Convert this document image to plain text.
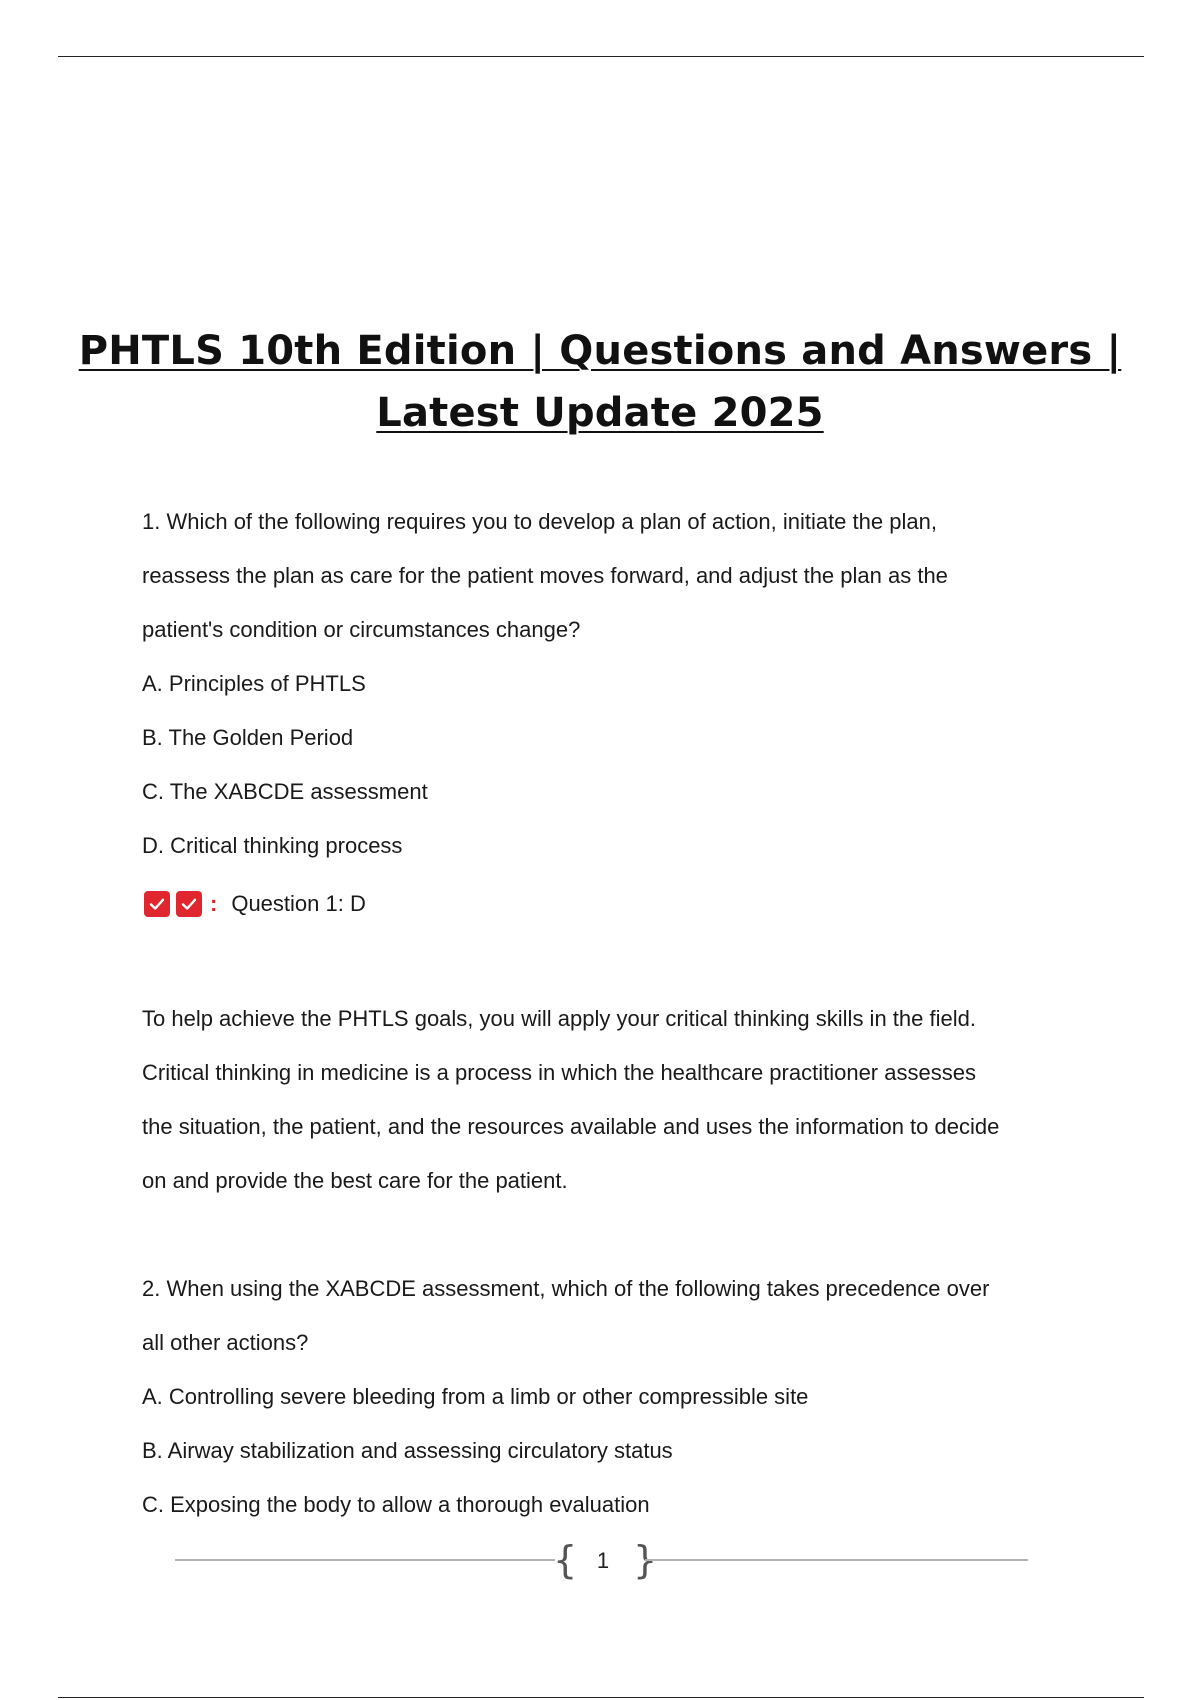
PHTLS 10th Edition | Questions and Answers |
Latest Update 2025
1. Which of the following requires you to develop a plan of action, initiate the plan,
reassess the plan as care for the patient moves forward, and adjust the plan as the
patient's condition or circumstances change?
A. Principles of PHTLS
B. The Golden Period
C. The XABCDE assessment
D. Critical thinking process
: Question 1: D
To help achieve the PHTLS goals, you will apply your critical thinking skills in the field.
Critical thinking in medicine is a process in which the healthcare practitioner assesses
the situation, the patient, and the resources available and uses the information to decide
on and provide the best care for the patient.
2. When using the XABCDE assessment, which of the following takes precedence over
all other actions?
A. Controlling severe bleeding from a limb or other compressible site
B. Airway stabilization and assessing circulatory status
C. Exposing the body to allow a thorough evaluation
{ 1 }
